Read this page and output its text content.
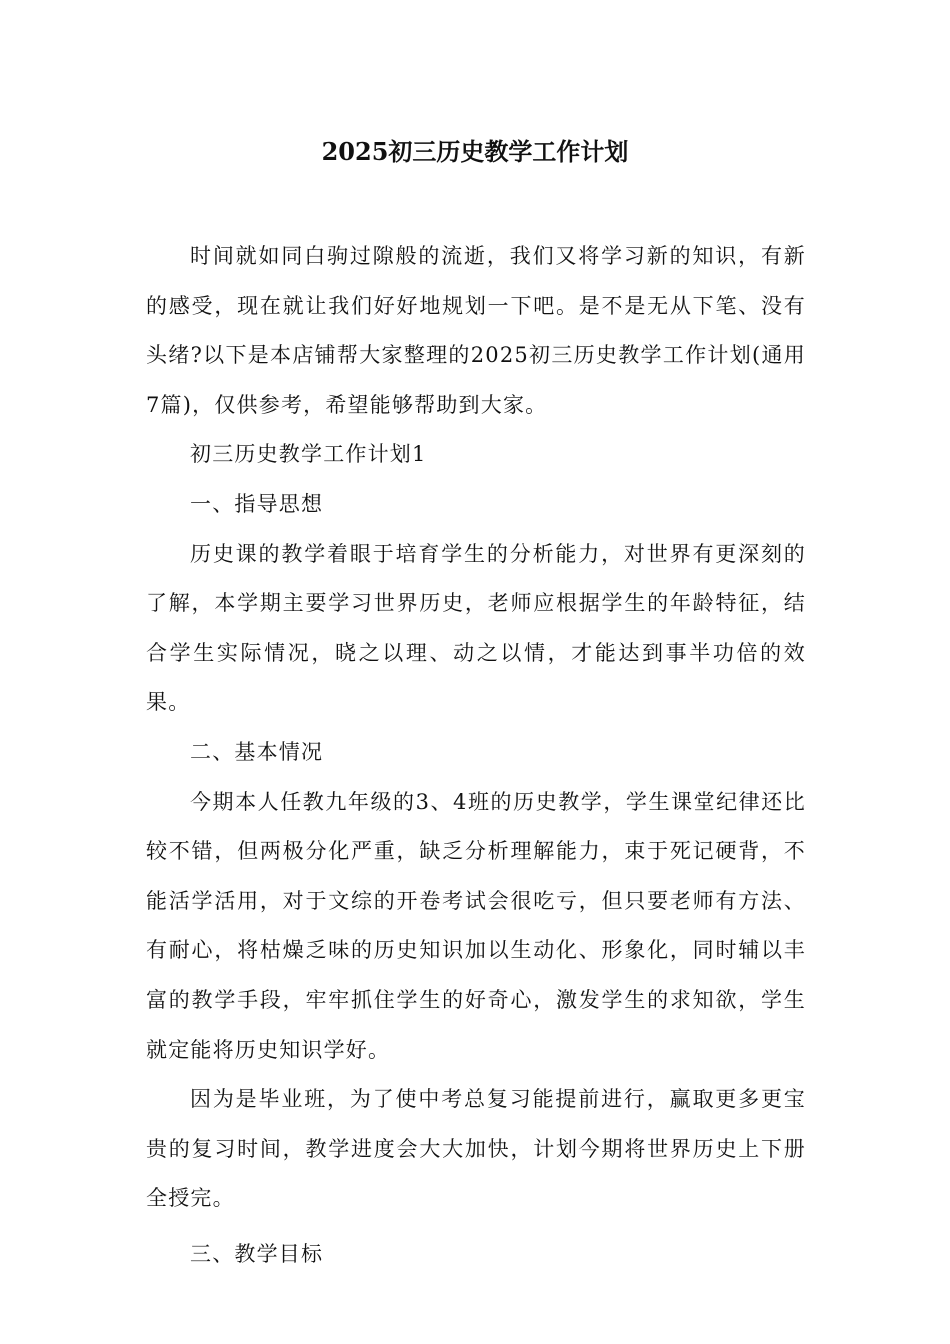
2025初三历史教学工作计划

时间就如同白驹过隙般的流逝，我们又将学习新的知识，有新的感受，现在就让我们好好地规划一下吧。是不是无从下笔、没有头绪?以下是本店铺帮大家整理的2025初三历史教学工作计划(通用7篇)，仅供参考，希望能够帮助到大家。

初三历史教学工作计划1

一、指导思想

历史课的教学着眼于培育学生的分析能力，对世界有更深刻的了解，本学期主要学习世界历史，老师应根据学生的年龄特征，结合学生实际情况，晓之以理、动之以情，才能达到事半功倍的效果。

二、基本情况

今期本人任教九年级的3、4班的历史教学，学生课堂纪律还比较不错，但两极分化严重，缺乏分析理解能力，束于死记硬背，不能活学活用，对于文综的开卷考试会很吃亏，但只要老师有方法、有耐心，将枯燥乏味的历史知识加以生动化、形象化，同时辅以丰富的教学手段，牢牢抓住学生的好奇心，激发学生的求知欲，学生就定能将历史知识学好。

因为是毕业班，为了使中考总复习能提前进行，赢取更多更宝贵的复习时间，教学进度会大大加快，计划今期将世界历史上下册全授完。

三、教学目标
